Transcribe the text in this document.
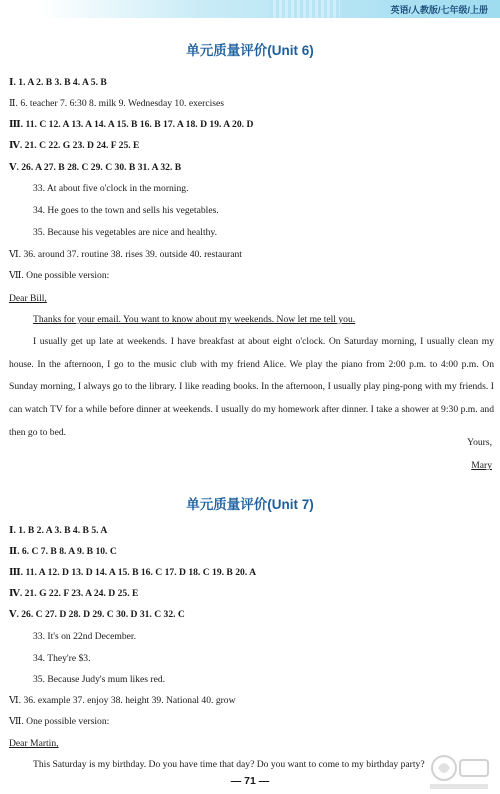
英语/人教版/七年级/上册
单元质量评价(Unit 6)
Ⅰ. 1. A 2. B 3. B 4. A 5. B
Ⅱ. 6. teacher 7. 6:30 8. milk 9. Wednesday 10. exercises
Ⅲ. 11. C 12. A 13. A 14. A 15. B 16. B 17. A 18. D 19. A 20. D
Ⅳ. 21. C 22. G 23. D 24. F 25. E
Ⅴ. 26. A 27. B 28. C 29. C 30. B 31. A 32. B
33. At about five o'clock in the morning.
34. He goes to the town and sells his vegetables.
35. Because his vegetables are nice and healthy.
Ⅵ. 36. around 37. routine 38. rises 39. outside 40. restaurant
Ⅶ. One possible version:
Dear Bill,
Thanks for your email. You want to know about my weekends. Now let me tell you.
I usually get up late at weekends. I have breakfast at about eight o'clock. On Saturday morning, I usually clean my house. In the afternoon, I go to the music club with my friend Alice. We play the piano from 2:00 p.m. to 4:00 p.m. On Sunday morning, I always go to the library. I like reading books. In the afternoon, I usually play ping-pong with my friends. I can watch TV for a while before dinner at weekends. I usually do my homework after dinner. I take a shower at 9:30 p.m. and then go to bed.
Yours,
Mary
单元质量评价(Unit 7)
Ⅰ. 1. B 2. A 3. B 4. B 5. A
Ⅱ. 6. C 7. B 8. A 9. B 10. C
Ⅲ. 11. A 12. D 13. D 14. A 15. B 16. C 17. D 18. C 19. B 20. A
Ⅳ. 21. G 22. F 23. A 24. D 25. E
Ⅴ. 26. C 27. D 28. D 29. C 30. D 31. C 32. C
33. It's on 22nd December.
34. They're $3.
35. Because Judy's mum likes red.
Ⅵ. 36. example 37. enjoy 38. height 39. National 40. grow
Ⅶ. One possible version:
Dear Martin,
This Saturday is my birthday. Do you have time that day? Do you want to come to my birthday party?
— 71 —
